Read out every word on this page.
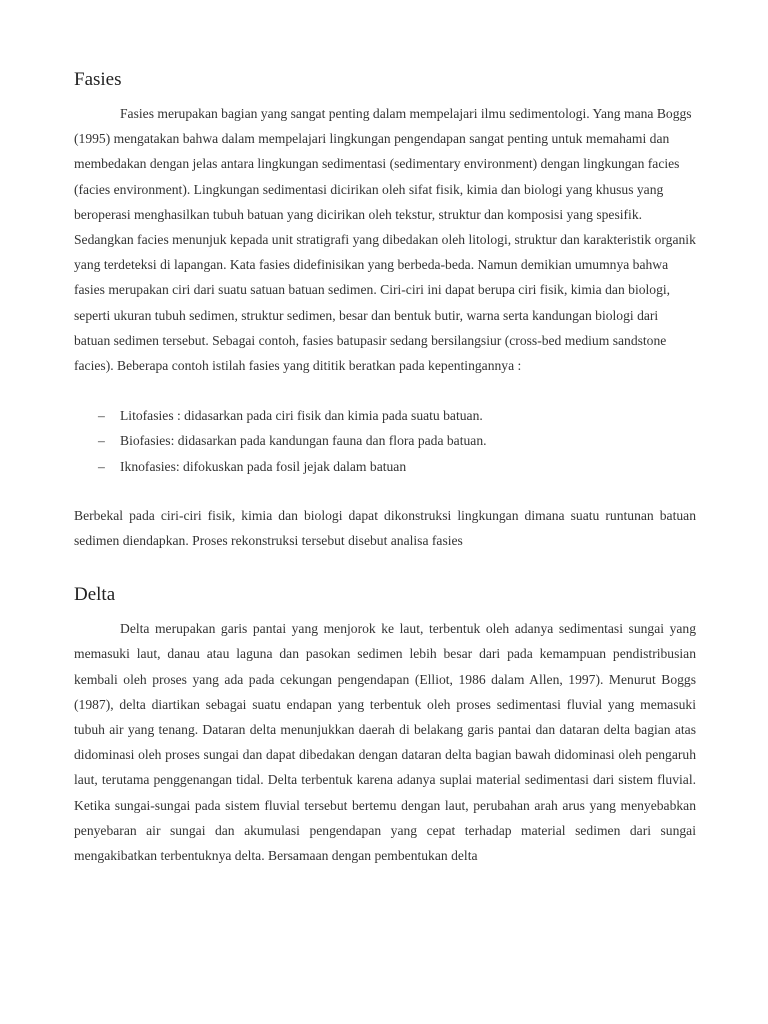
Fasies

Fasies merupakan bagian yang sangat penting dalam mempelajari ilmu sedimentologi. Yang mana Boggs (1995) mengatakan bahwa dalam mempelajari lingkungan pengendapan sangat penting untuk memahami dan membedakan dengan jelas antara lingkungan sedimentasi (sedimentary environment) dengan lingkungan facies (facies environment). Lingkungan sedimentasi dicirikan oleh sifat fisik, kimia dan biologi yang khusus yang beroperasi menghasilkan tubuh batuan yang dicirikan oleh tekstur, struktur dan komposisi yang spesifik. Sedangkan facies menunjuk kepada unit stratigrafi yang dibedakan oleh litologi, struktur dan karakteristik organik yang terdeteksi di lapangan. Kata fasies didefinisikan yang berbeda-beda. Namun demikian umumnya bahwa fasies merupakan ciri dari suatu satuan batuan sedimen. Ciri-ciri ini dapat berupa ciri fisik, kimia dan biologi, seperti ukuran tubuh sedimen, struktur sedimen, besar dan bentuk butir, warna serta kandungan biologi dari batuan sedimen tersebut. Sebagai contoh, fasies batupasir sedang bersilangsiur (cross-bed medium sandstone facies). Beberapa contoh istilah fasies yang dititik beratkan pada kepentingannya :

– Litofasies : didasarkan pada ciri fisik dan kimia pada suatu batuan.
– Biofasies: didasarkan pada kandungan fauna dan flora pada batuan.
– Iknofasies: difokuskan pada fosil jejak dalam batuan

Berbekal pada ciri-ciri fisik, kimia dan biologi dapat dikonstruksi lingkungan dimana suatu runtunan batuan sedimen diendapkan. Proses rekonstruksi tersebut disebut analisa fasies

Delta

Delta merupakan garis pantai yang menjorok ke laut, terbentuk oleh adanya sedimentasi sungai yang memasuki laut, danau atau laguna dan pasokan sedimen lebih besar dari pada kemampuan pendistribusian kembali oleh proses yang ada pada cekungan pengendapan (Elliot, 1986 dalam Allen, 1997). Menurut Boggs (1987), delta diartikan sebagai suatu endapan yang terbentuk oleh proses sedimentasi fluvial yang memasuki tubuh air yang tenang. Dataran delta menunjukkan daerah di belakang garis pantai dan dataran delta bagian atas didominasi oleh proses sungai dan dapat dibedakan dengan dataran delta bagian bawah didominasi oleh pengaruh laut, terutama penggenangan tidal. Delta terbentuk karena adanya suplai material sedimentasi dari sistem fluvial. Ketika sungai-sungai pada sistem fluvial tersebut bertemu dengan laut, perubahan arah arus yang menyebabkan penyebaran air sungai dan akumulasi pengendapan yang cepat terhadap material sedimen dari sungai mengakibatkan terbentuknya delta. Bersamaan dengan pembentukan delta
